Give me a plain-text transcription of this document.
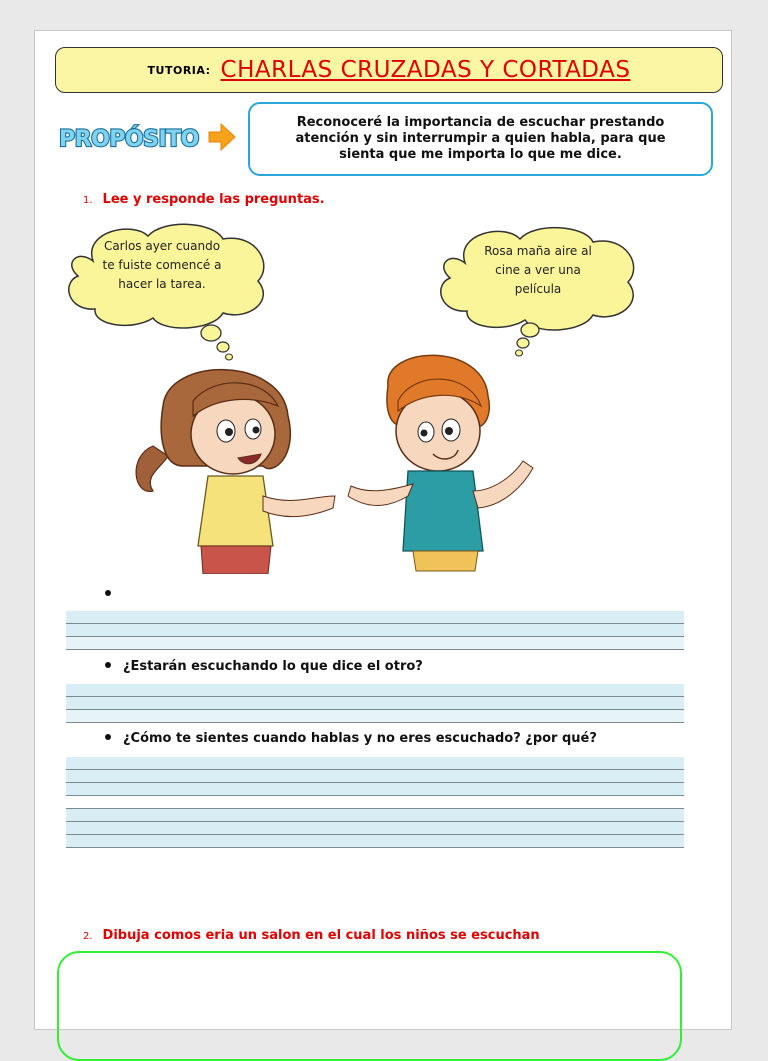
TUTORIA: CHARLAS CRUZADAS Y CORTADAS
PROPÓSITO
Reconoceré la importancia de escuchar prestando atención y sin interrumpir a quien habla, para que sienta que me importa lo que me dice.
1. Lee y responde las preguntas.
Carlos ayer cuando
te fuiste comencé a
hacer la tarea.
Rosa maña aire al
cine a ver una
película
¿Estarán escuchando lo que dice el otro?
¿Cómo te sientes cuando hablas y no eres escuchado? ¿por qué?
2. Dibuja comos eria un salon en el cual los niños se escuchan
